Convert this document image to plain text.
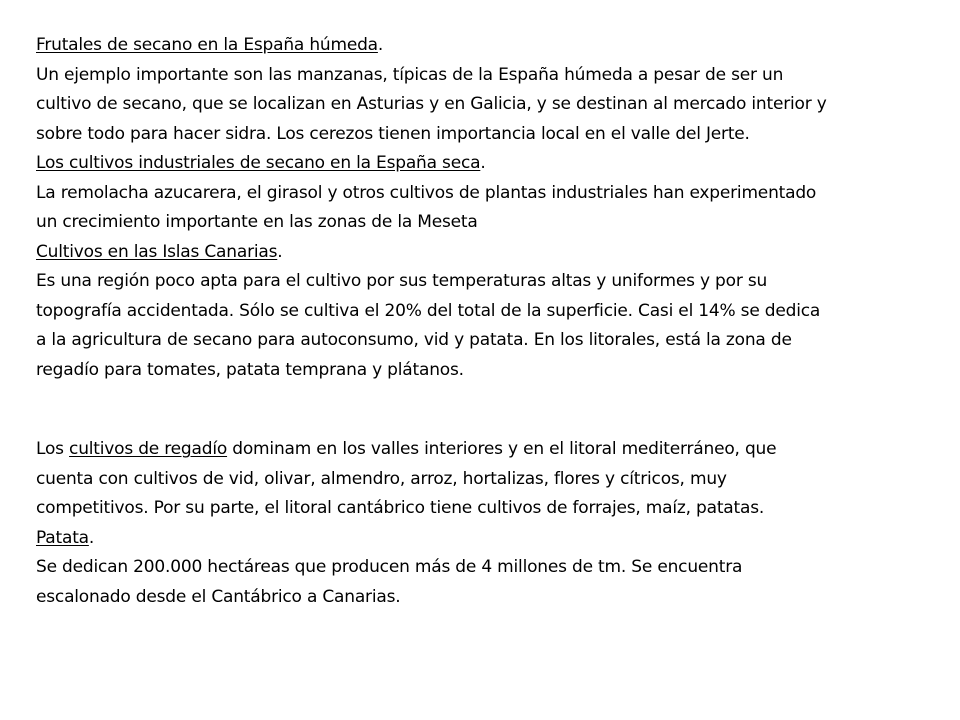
Frutales de secano en la España húmeda.
Un ejemplo importante son las manzanas, típicas de la España húmeda a pesar de ser un
cultivo de secano, que se localizan en Asturias y en Galicia, y se destinan al mercado interior y
sobre todo para hacer sidra. Los cerezos tienen importancia local en el valle del Jerte.
Los cultivos industriales de secano en la España seca.
La remolacha azucarera, el girasol y otros cultivos de plantas industriales han experimentado
un crecimiento importante en las zonas de la Meseta
Cultivos en las Islas Canarias.
Es una región poco apta para el cultivo por sus temperaturas altas y uniformes y por su
topografía accidentada. Sólo se cultiva el 20% del total de la superficie. Casi el 14% se dedica
a la agricultura de secano para autoconsumo, vid y patata. En los litorales, está la zona de
regadío para tomates, patata temprana y plátanos.
Los cultivos de regadío dominam en los valles interiores y en el litoral mediterráneo, que
cuenta con cultivos de vid, olivar, almendro, arroz, hortalizas, flores y cítricos, muy
competitivos. Por su parte, el litoral cantábrico tiene cultivos de forrajes, maíz, patatas.
Patata.
Se dedican 200.000 hectáreas que producen más de 4 millones de tm. Se encuentra
escalonado desde el Cantábrico a Canarias.
